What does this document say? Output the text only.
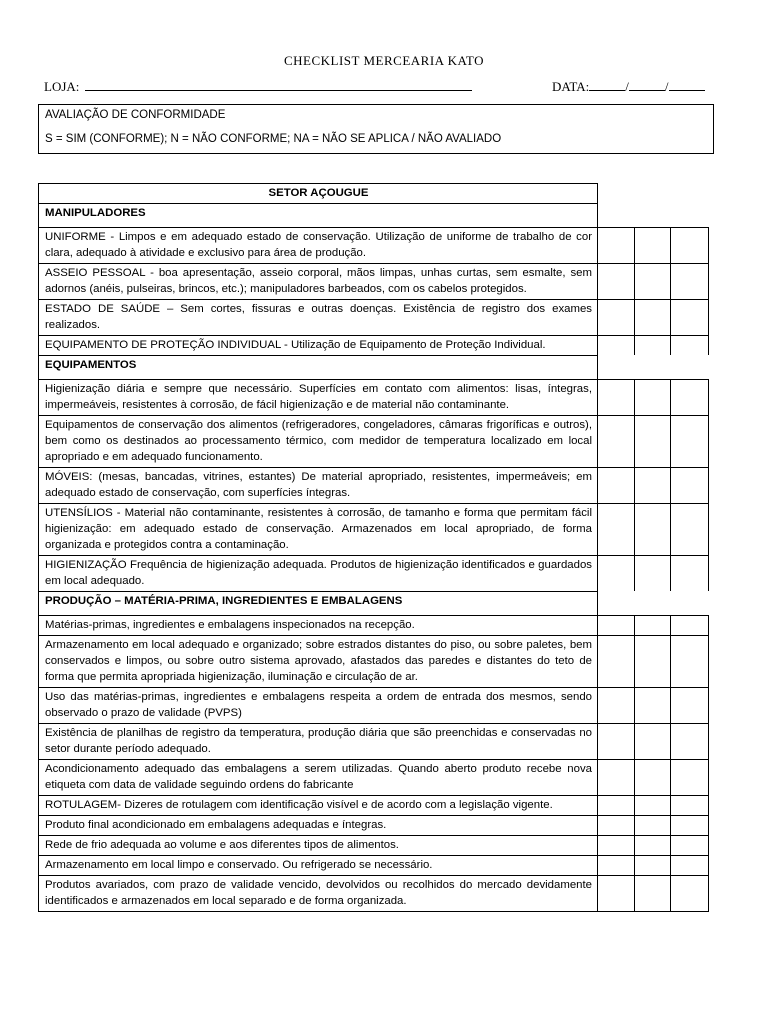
CHECKLIST MERCEARIA KATO
LOJA:	DATA:	/	/
AVALIAÇÃO DE CONFORMIDADE
S = SIM (CONFORME); N = NÃO CONFORME; NA = NÃO SE APLICA / NÃO AVALIADO
SETOR AÇOUGUE
MANIPULADORES
UNIFORME - Limpos e em adequado estado de conservação. Utilização de uniforme de trabalho de cor clara, adequado à atividade e exclusivo para área de produção.
ASSEIO PESSOAL - boa apresentação, asseio corporal, mãos limpas, unhas curtas, sem esmalte, sem adornos (anéis, pulseiras, brincos, etc.); manipuladores barbeados, com os cabelos protegidos.
ESTADO DE SAÚDE – Sem cortes, fissuras e outras doenças. Existência de registro dos exames realizados.
EQUIPAMENTO DE PROTEÇÃO INDIVIDUAL - Utilização de Equipamento de Proteção Individual.
EQUIPAMENTOS
Higienização diária e sempre que necessário. Superfícies em contato com alimentos: lisas, íntegras, impermeáveis, resistentes à corrosão, de fácil higienização e de material não contaminante.
Equipamentos de conservação dos alimentos (refrigeradores, congeladores, câmaras frigoríficas e outros), bem como os destinados ao processamento térmico, com medidor de temperatura localizado em local apropriado e em adequado funcionamento.
MÓVEIS: (mesas, bancadas, vitrines, estantes) De material apropriado, resistentes, impermeáveis; em adequado estado de conservação, com superfícies íntegras.
UTENSÍLIOS - Material não contaminante, resistentes à corrosão, de tamanho e forma que permitam fácil higienização: em adequado estado de conservação. Armazenados em local apropriado, de forma organizada e protegidos contra a contaminação.
HIGIENIZAÇÃO Frequência de higienização adequada. Produtos de higienização identificados e guardados em local adequado.
PRODUÇÃO – MATÉRIA-PRIMA, INGREDIENTES E EMBALAGENS
Matérias-primas, ingredientes e embalagens inspecionados na recepção.
Armazenamento em local adequado e organizado; sobre estrados distantes do piso, ou sobre paletes, bem conservados e limpos, ou sobre outro sistema aprovado, afastados das paredes e distantes do teto de forma que permita apropriada higienização, iluminação e circulação de ar.
Uso das matérias-primas, ingredientes e embalagens respeita a ordem de entrada dos mesmos, sendo observado o prazo de validade (PVPS)
Existência de planilhas de registro da temperatura, produção diária que são preenchidas e conservadas no setor durante período adequado.
Acondicionamento adequado das embalagens a serem utilizadas. Quando aberto produto recebe nova etiqueta com data de validade seguindo ordens do fabricante
ROTULAGEM- Dizeres de rotulagem com identificação visível e de acordo com a legislação vigente.
Produto final acondicionado em embalagens adequadas e íntegras.
Rede de frio adequada ao volume e aos diferentes tipos de alimentos.
Armazenamento em local limpo e conservado. Ou refrigerado se necessário.
Produtos avariados, com prazo de validade vencido, devolvidos ou recolhidos do mercado devidamente identificados e armazenados em local separado e de forma organizada.
